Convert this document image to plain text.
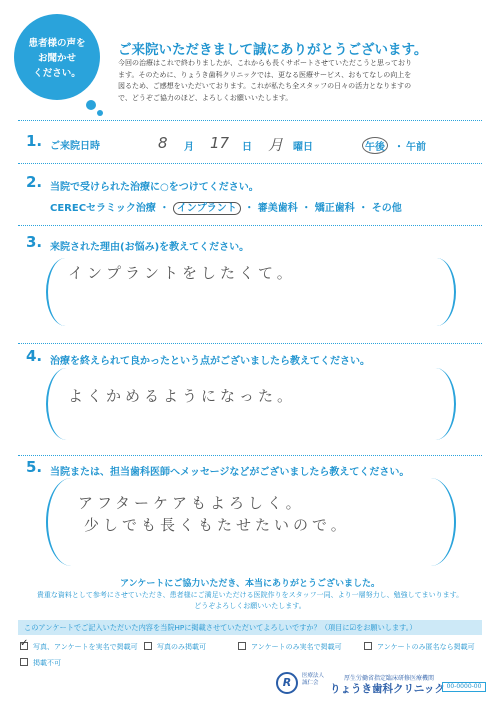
患者様の声を
お聞かせ
ください。
ご来院いただきまして誠にありがとうございます。
今回の治療はこれで終わりましたが、これからも長くサポートさせていただこうと思っており
ます。そのために、りょうき歯科クリニックでは、更なる医療サービス、おもてなしの向上を
図るため、ご感想をいただいております。これが私たち全スタッフの日々の活力となりますの
で、どうぞご協力のほど、よろしくお願いいたします。
1. ご来院日時	8 月 17 日 月 曜日	午後 ・ 午前
2. 当院で受けられた治療に○をつけてください。
CERECセラミック治療 ・ インプラント ・ 審美歯科 ・ 矯正歯科 ・ その他
3. 来院された理由(お悩み)を教えてください。
インプラントをしたくて。
4. 治療を終えられて良かったという点がございましたら教えてください。
よくかめるようになった。
5. 当院または、担当歯科医師へメッセージなどがございましたら教えてください。
アフターケアもよろしく。
少しでも長くもたせたいので。
アンケートにご協力いただき、本当にありがとうございました。
貴重な資料として参考にさせていただき、患者様にご満足いただける医院作りをスタッフ一同、より一層努力し、勉強してまいります。
どうぞよろしくお願いいたします。
このアンケートでご記入いただいた内容を当院HPに掲載させていただいてよろしいですか？（項目に☑をお願いします。）
✓写真、アンケートを実名で掲載可	写真のみ掲載可	アンケートのみ実名で掲載可	アンケートのみ匿名なら掲載可
掲載不可
R	医療法人
誠仁会
厚生労働省指定臨床研修医療機関
りょうき歯科クリニック 00-0000-00
